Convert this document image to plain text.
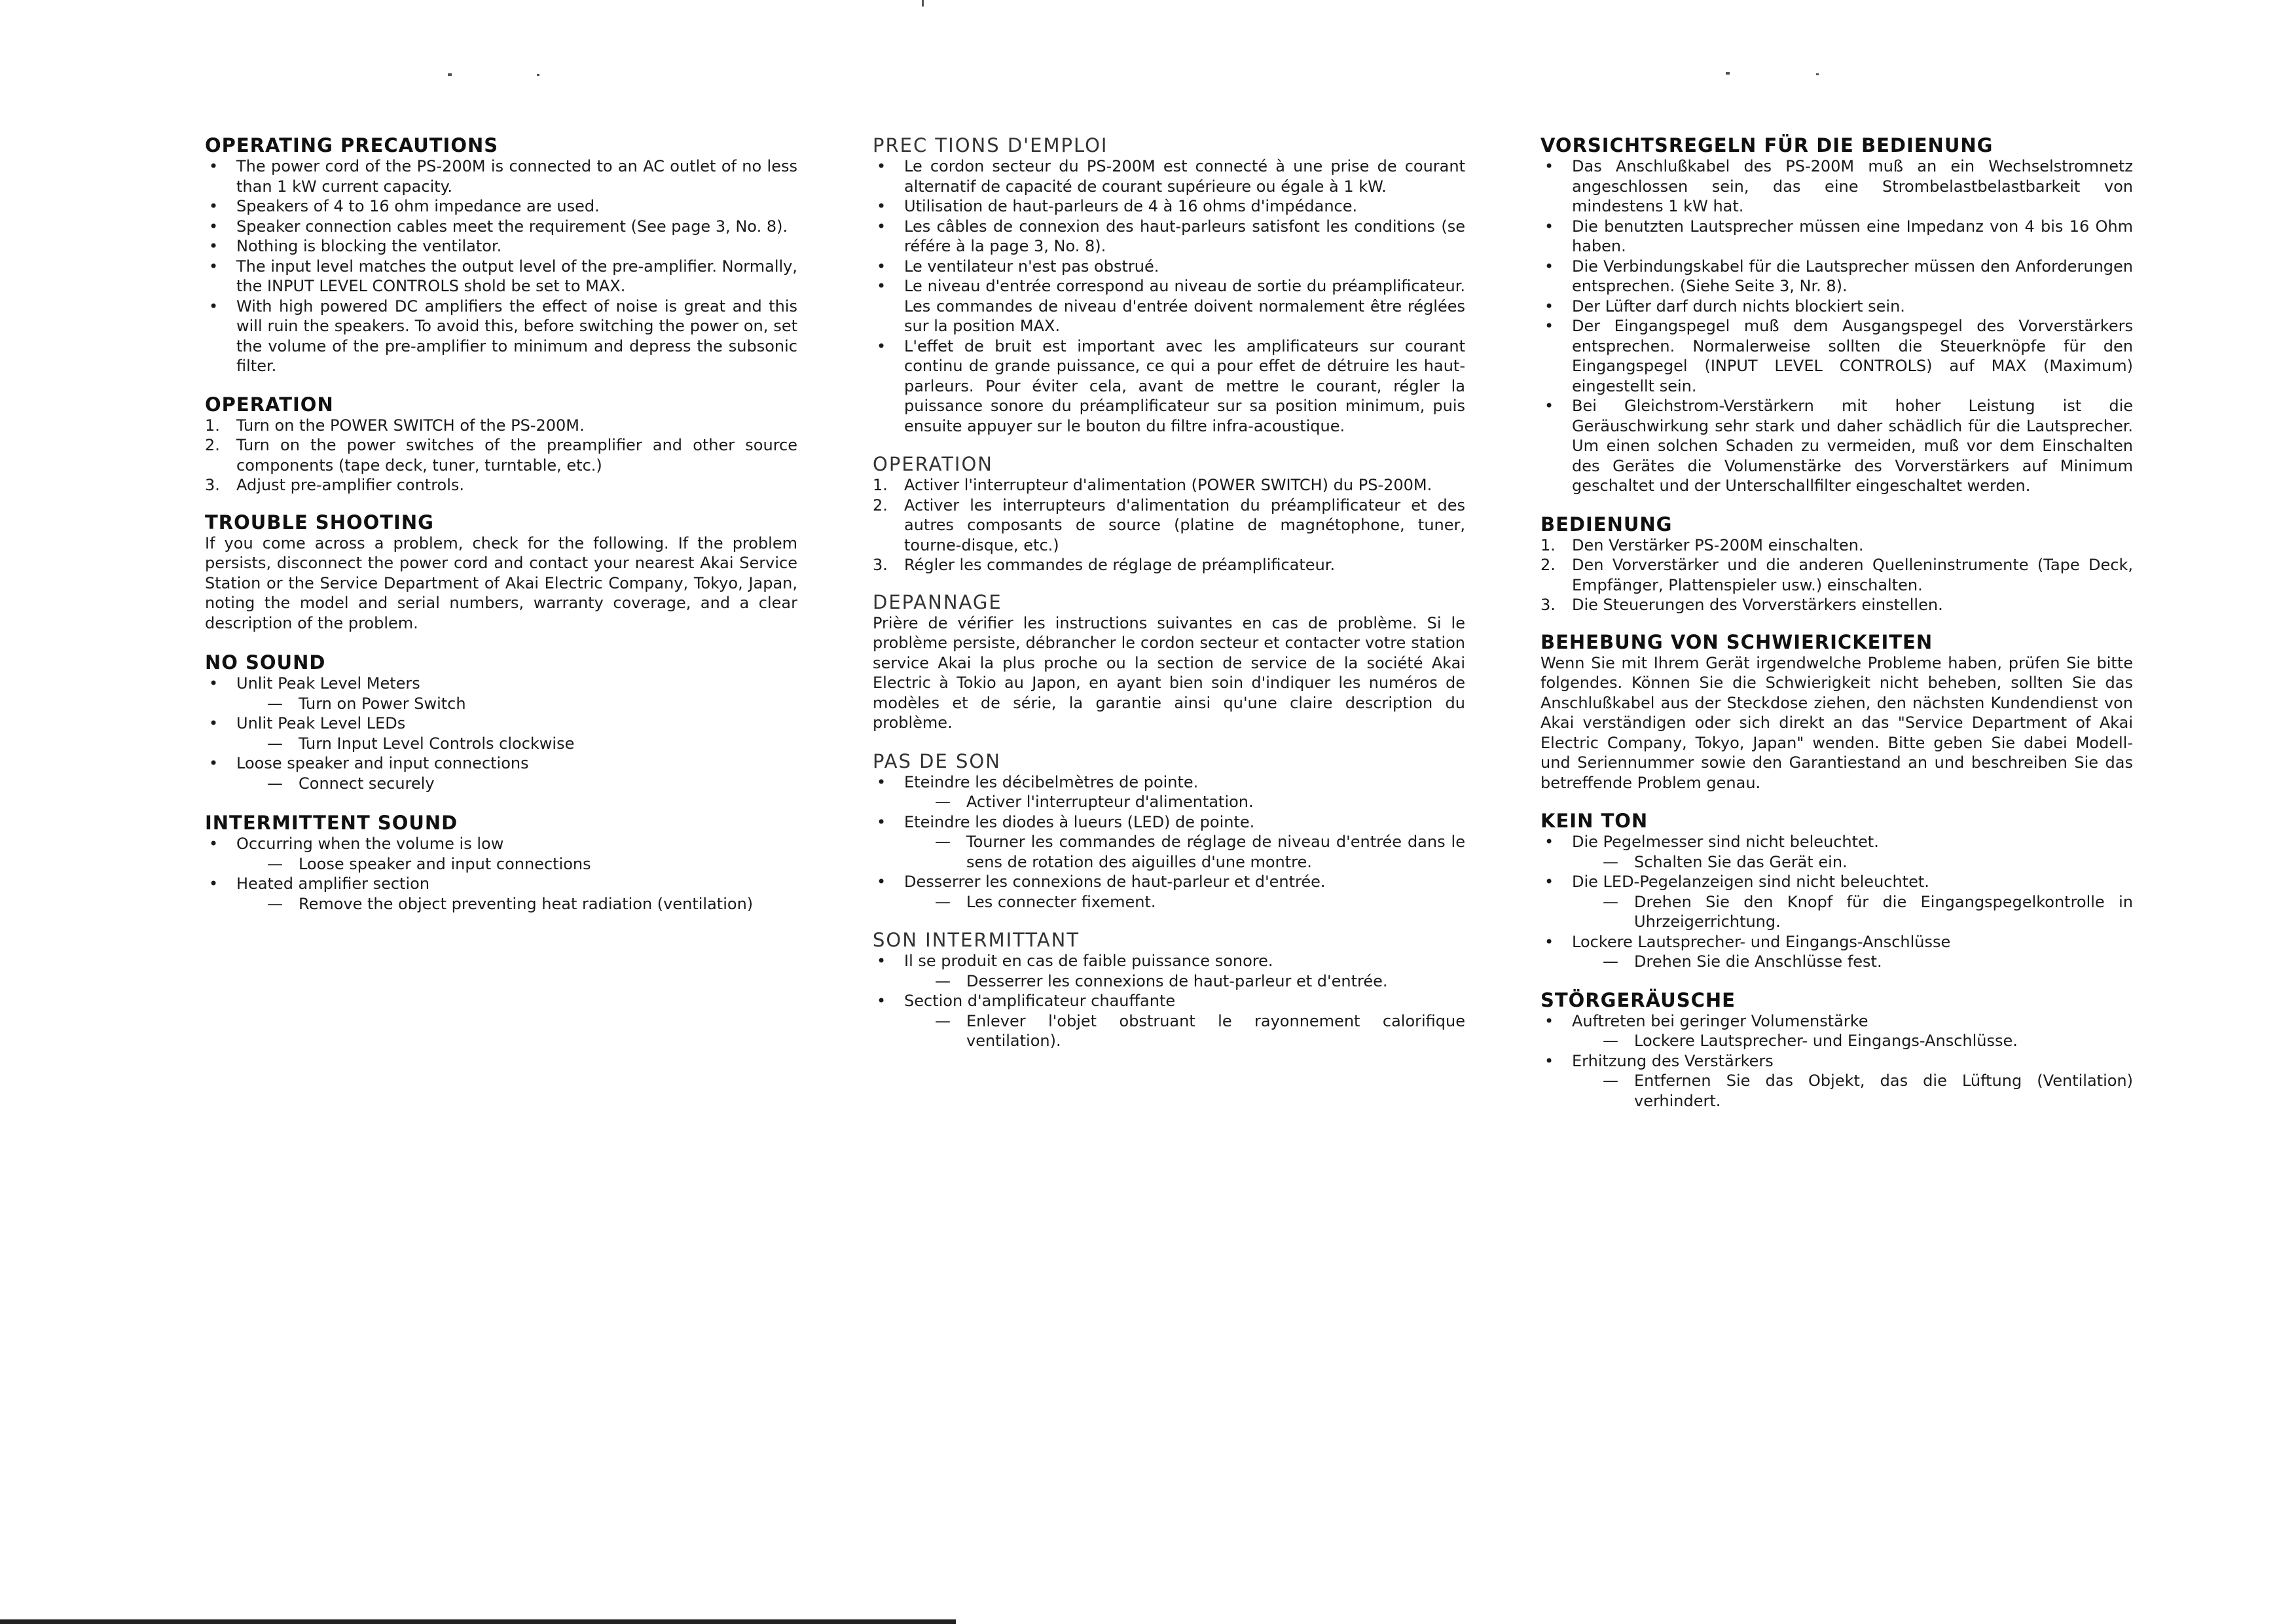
OPERATING PRECAUTIONS
• The power cord of the PS-200M is connected to an AC outlet of no less than 1 kW current capacity.
• Speakers of 4 to 16 ohm impedance are used.
• Speaker connection cables meet the requirement (See page 3, No. 8).
• Nothing is blocking the ventilator.
• The input level matches the output level of the pre-amplifier. Normally, the INPUT LEVEL CONTROLS shold be set to MAX.
• With high powered DC amplifiers the effect of noise is great and this will ruin the speakers. To avoid this, before switching the power on, set the volume of the pre-amplifier to minimum and depress the subsonic filter.
OPERATION
1. Turn on the POWER SWITCH of the PS-200M.
2. Turn on the power switches of the preamplifier and other source components (tape deck, tuner, turntable, etc.)
3. Adjust pre-amplifier controls.
TROUBLE SHOOTING

If you come across a problem, check for the following. If the problem persists, disconnect the power cord and contact your nearest Akai Service Station or the Service Department of Akai Electric Company, Tokyo, Japan, noting the model and serial numbers, warranty coverage, and a clear description of the problem.

NO SOUND
• Unlit Peak Level Meters
— Turn on Power Switch
• Unlit Peak Level LEDs
— Turn Input Level Controls clockwise
• Loose speaker and input connections
— Connect securely
INTERMITTENT SOUND
• Occurring when the volume is low
— Loose speaker and input connections
• Heated amplifier section
— Remove the object preventing heat radiation (ventilation)
PREC TIONS D'EMPLOI
• Le cordon secteur du PS-200M est connecté à une prise de courant alternatif de capacité de courant supérieure ou égale à 1 kW.
• Utilisation de haut-parleurs de 4 à 16 ohms d'impédance.
• Les câbles de connexion des haut-parleurs satisfont les conditions (se référe à la page 3, No. 8).
• Le ventilateur n'est pas obstrué.
• Le niveau d'entrée correspond au niveau de sortie du préamplificateur. Les commandes de niveau d'entrée doivent normalement être réglées sur la position MAX.
• L'effet de bruit est important avec les amplificateurs sur courant continu de grande puissance, ce qui a pour effet de détruire les haut-parleurs. Pour éviter cela, avant de mettre le courant, régler la puissance sonore du préamplificateur sur sa position minimum, puis ensuite appuyer sur le bouton du filtre infra-acoustique.
OPERATION
1. Activer l'interrupteur d'alimentation (POWER SWITCH) du PS-200M.
2. Activer les interrupteurs d'alimentation du préamplificateur et des autres composants de source (platine de magnétophone, tuner, tourne-disque, etc.)
3. Régler les commandes de réglage de préamplificateur.
DEPANNAGE

Prière de vérifier les instructions suivantes en cas de problème. Si le problème persiste, débrancher le cordon secteur et contacter votre station service Akai la plus proche ou la section de service de la société Akai Electric à Tokio au Japon, en ayant bien soin d'indiquer les numéros de modèles et de série, la garantie ainsi qu'une claire description du problème.

PAS DE SON
• Eteindre les décibelmètres de pointe.
— Activer l'interrupteur d'alimentation.
• Eteindre les diodes à lueurs (LED) de pointe.
— Tourner les commandes de réglage de niveau d'entrée dans le sens de rotation des aiguilles d'une montre.
• Desserrer les connexions de haut-parleur et d'entrée.
— Les connecter fixement.
SON INTERMITTANT
• Il se produit en cas de faible puissance sonore.
— Desserrer les connexions de haut-parleur et d'entrée.
• Section d'amplificateur chauffante
— Enlever l'objet obstruant le rayonnement calorifique ventilation).
VORSICHTSREGELN FÜR DIE BEDIENUNG
• Das Anschlußkabel des PS-200M muß an ein Wechselstromnetz angeschlossen sein, das eine Strombelastbelastbarkeit von mindestens 1 kW hat.
• Die benutzten Lautsprecher müssen eine Impedanz von 4 bis 16 Ohm haben.
• Die Verbindungskabel für die Lautsprecher müssen den Anforderungen entsprechen. (Siehe Seite 3, Nr. 8).
• Der Lüfter darf durch nichts blockiert sein.
• Der Eingangspegel muß dem Ausgangspegel des Vorverstärkers entsprechen. Normalerweise sollten die Steuerknöpfe für den Eingangspegel (INPUT LEVEL CONTROLS) auf MAX (Maximum) eingestellt sein.
• Bei Gleichstrom-Verstärkern mit hoher Leistung ist die Geräuschwirkung sehr stark und daher schädlich für die Lautsprecher. Um einen solchen Schaden zu vermeiden, muß vor dem Einschalten des Gerätes die Volumenstärke des Vorverstärkers auf Minimum geschaltet und der Unterschallfilter eingeschaltet werden.
BEDIENUNG
1. Den Verstärker PS-200M einschalten.
2. Den Vorverstärker und die anderen Quelleninstrumente (Tape Deck, Empfänger, Plattenspieler usw.) einschalten.
3. Die Steuerungen des Vorverstärkers einstellen.
BEHEBUNG VON SCHWIERICKEITEN

Wenn Sie mit Ihrem Gerät irgendwelche Probleme haben, prüfen Sie bitte folgendes. Können Sie die Schwierigkeit nicht beheben, sollten Sie das Anschlußkabel aus der Steckdose ziehen, den nächsten Kundendienst von Akai verständigen oder sich direkt an das "Service Department of Akai Electric Company, Tokyo, Japan" wenden. Bitte geben Sie dabei Modell- und Seriennummer sowie den Garantiestand an und beschreiben Sie das betreffende Problem genau.

KEIN TON
• Die Pegelmesser sind nicht beleuchtet.
— Schalten Sie das Gerät ein.
• Die LED-Pegelanzeigen sind nicht beleuchtet.
— Drehen Sie den Knopf für die Eingangspegelkontrolle in Uhrzeigerrichtung.
• Lockere Lautsprecher- und Eingangs-Anschlüsse
— Drehen Sie die Anschlüsse fest.
STÖRGERÄUSCHE
• Auftreten bei geringer Volumenstärke
— Lockere Lautsprecher- und Eingangs-Anschlüsse.
• Erhitzung des Verstärkers
— Entfernen Sie das Objekt, das die Lüftung (Ventilation) verhindert.
